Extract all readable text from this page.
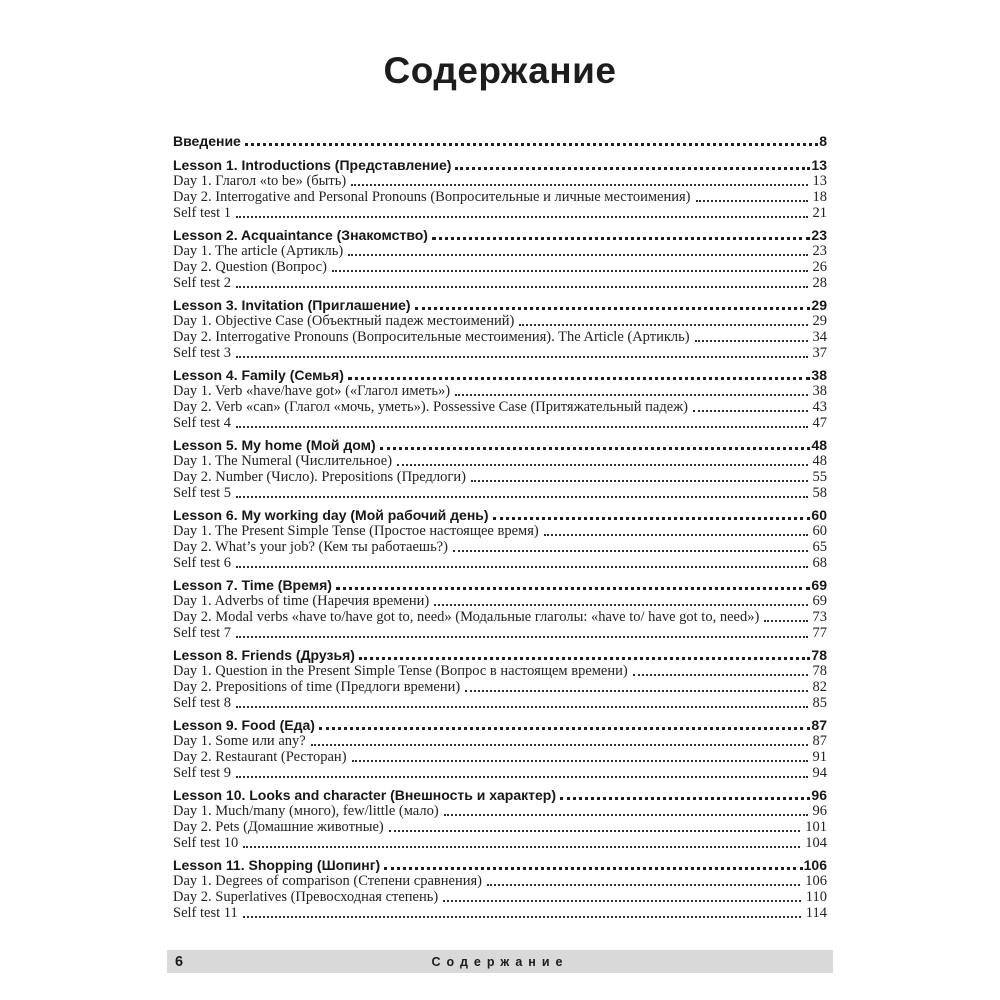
Содержание
Введение	8
Lesson 1. Introductions (Представление)	13
Day 1. Глагол «to be» (быть)	13
Day 2. Interrogative and Personal Pronouns (Вопросительные и личные местоимения)	18
Self test 1	21
Lesson 2. Acquaintance (Знакомство)	23
Day 1. The article (Артикль)	23
Day 2. Question (Вопрос)	26
Self test 2	28
Lesson 3. Invitation (Приглашение)	29
Day 1. Objective Case (Объектный падеж местоимений)	29
Day 2. Interrogative Pronouns (Вопросительные местоимения). The Article (Артикль)	34
Self test 3	37
Lesson 4. Family (Семья)	38
Day 1. Verb «have/have got» («Глагол иметь»)	38
Day 2. Verb «can» (Глагол «мочь, уметь»). Possessive Case (Притяжательный падеж)	43
Self test 4	47
Lesson 5. My home (Мой дом)	48
Day 1. The Numeral (Числительное)	48
Day 2. Number (Число). Prepositions (Предлоги)	55
Self test 5	58
Lesson 6. My working day (Мой рабочий день)	60
Day 1. The Present Simple Tense (Простое настоящее время)	60
Day 2. What’s your job? (Кем ты работаешь?)	65
Self test 6	68
Lesson 7. Time (Время)	69
Day 1. Adverbs of time (Наречия времени)	69
Day 2. Modal verbs «have to/have got to, need» (Модальные глаголы: «have to/ have got to, need»)	73
Self test 7	77
Lesson 8. Friends (Друзья)	78
Day 1. Question in the Present Simple Tense (Вопрос в настоящем времени)	78
Day 2. Prepositions of time (Предлоги времени)	82
Self test 8	85
Lesson 9. Food (Еда)	87
Day 1. Some или any?	87
Day 2. Restaurant (Ресторан)	91
Self test 9	94
Lesson 10. Looks and character (Внешность и характер)	96
Day 1. Much/many (много), few/little (мало)	96
Day 2. Pets (Домашние животные)	101
Self test 10	104
Lesson 11. Shopping (Шопинг)	106
Day 1. Degrees of comparison (Степени сравнения)	106
Day 2. Superlatives (Превосходная степень)	110
Self test 11	114
6	Содержание
